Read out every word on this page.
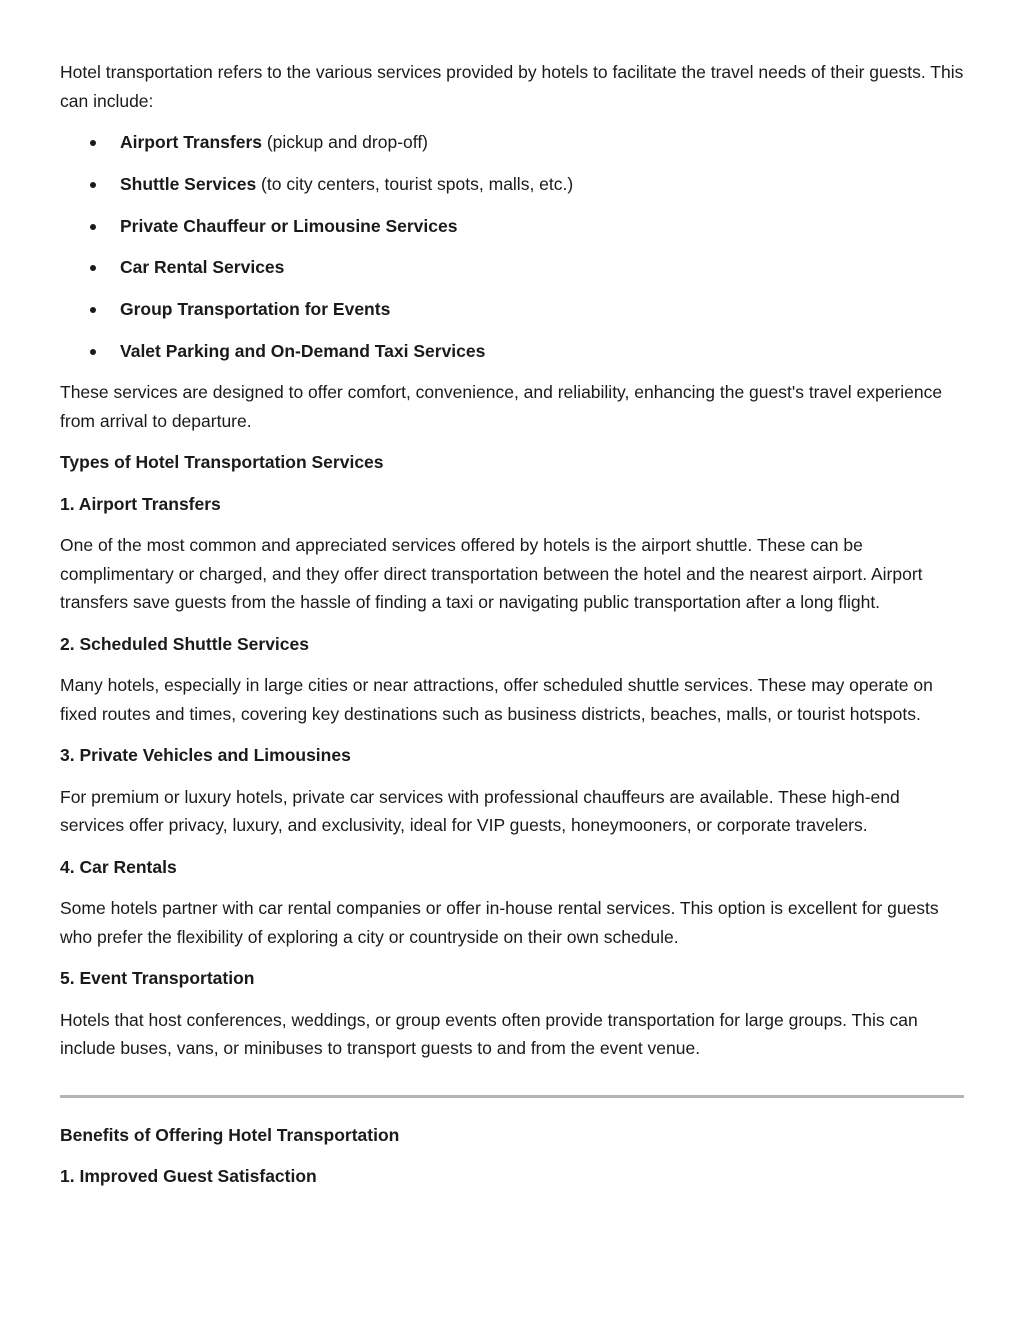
Hotel transportation refers to the various services provided by hotels to facilitate the travel needs of their guests. This can include:

Airport Transfers (pickup and drop-off)
Shuttle Services (to city centers, tourist spots, malls, etc.)
Private Chauffeur or Limousine Services
Car Rental Services
Group Transportation for Events
Valet Parking and On-Demand Taxi Services

These services are designed to offer comfort, convenience, and reliability, enhancing the guest's travel experience from arrival to departure.

Types of Hotel Transportation Services

1. Airport Transfers

One of the most common and appreciated services offered by hotels is the airport shuttle. These can be complimentary or charged, and they offer direct transportation between the hotel and the nearest airport. Airport transfers save guests from the hassle of finding a taxi or navigating public transportation after a long flight.

2. Scheduled Shuttle Services

Many hotels, especially in large cities or near attractions, offer scheduled shuttle services. These may operate on fixed routes and times, covering key destinations such as business districts, beaches, malls, or tourist hotspots.

3. Private Vehicles and Limousines

For premium or luxury hotels, private car services with professional chauffeurs are available. These high-end services offer privacy, luxury, and exclusivity, ideal for VIP guests, honeymooners, or corporate travelers.

4. Car Rentals

Some hotels partner with car rental companies or offer in-house rental services. This option is excellent for guests who prefer the flexibility of exploring a city or countryside on their own schedule.

5. Event Transportation

Hotels that host conferences, weddings, or group events often provide transportation for large groups. This can include buses, vans, or minibuses to transport guests to and from the event venue.

Benefits of Offering Hotel Transportation

1. Improved Guest Satisfaction
